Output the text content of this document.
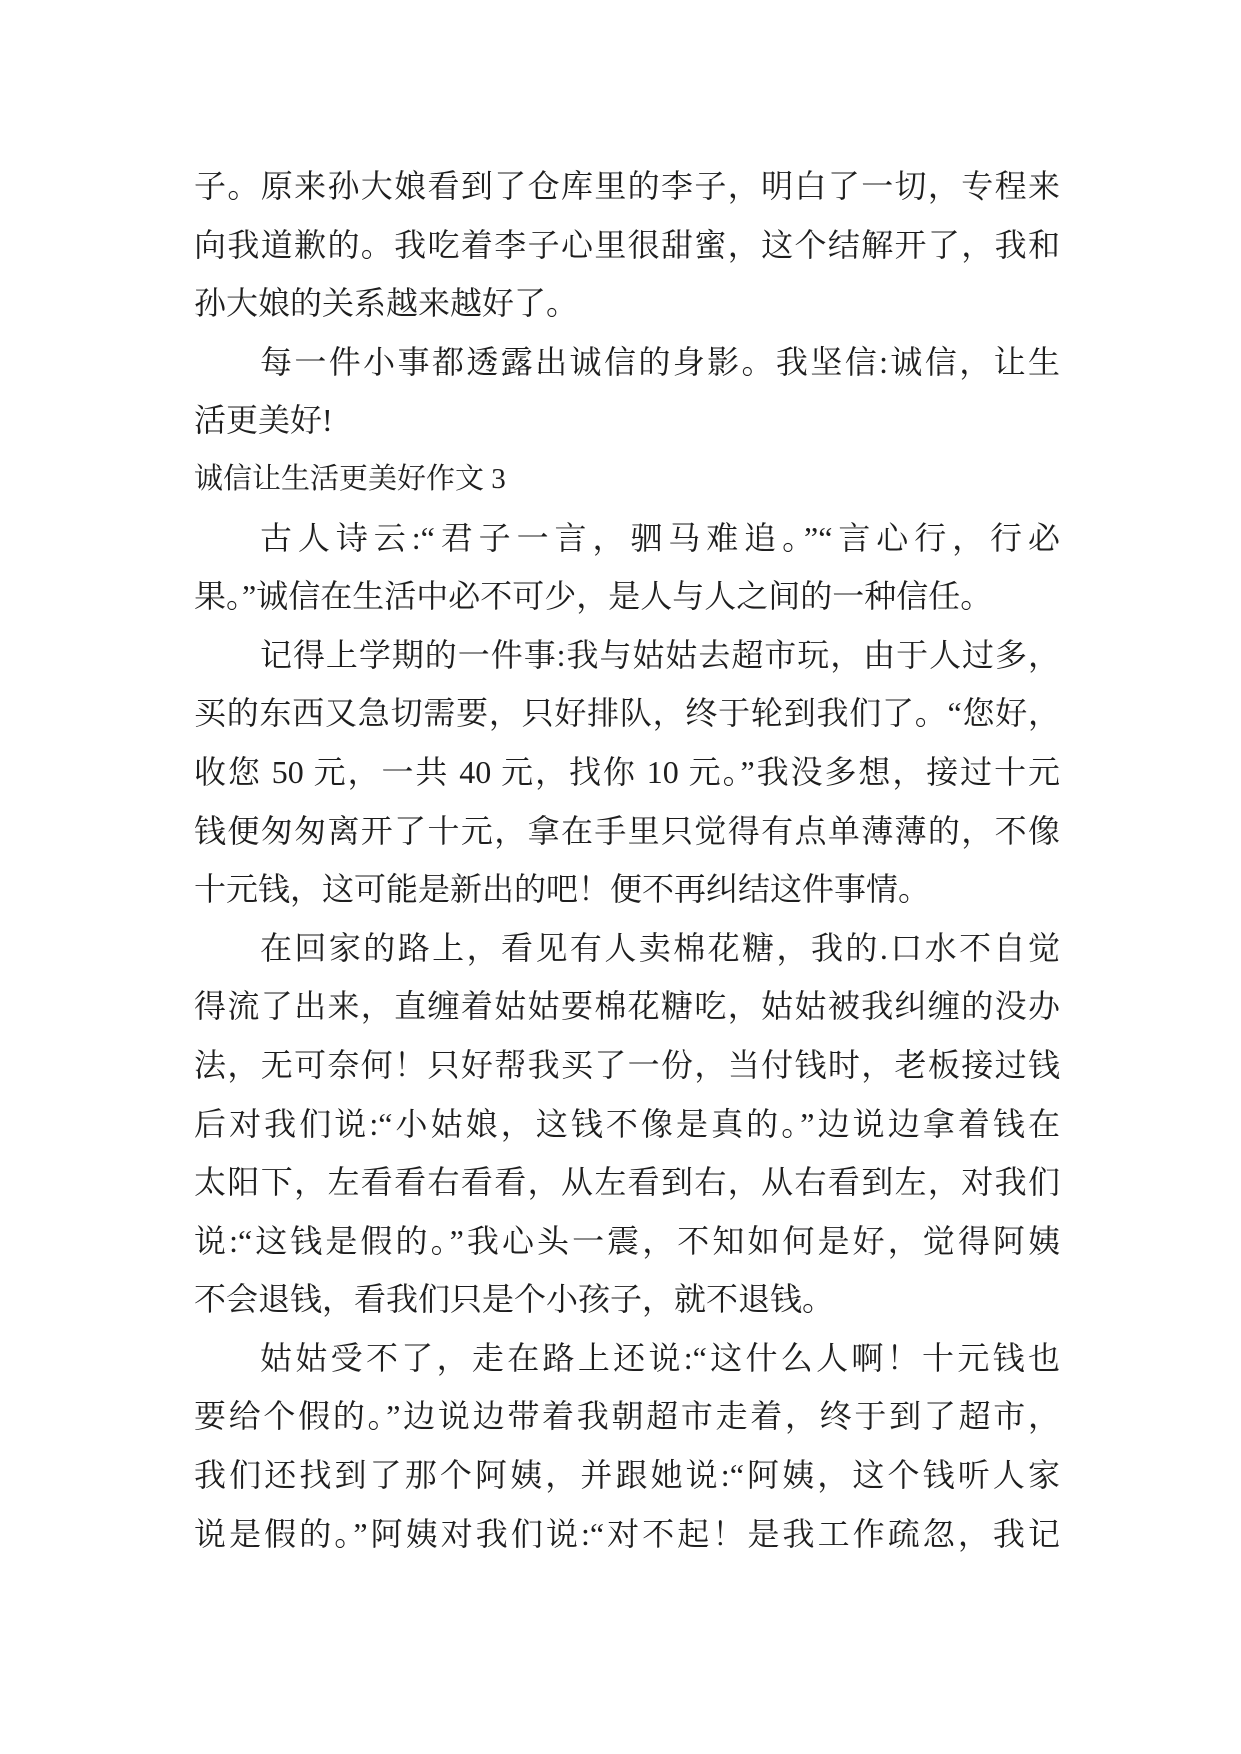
子。原来孙大娘看到了仓库里的李子，明白了一切，专程来
向我道歉的。我吃着李子心里很甜蜜，这个结解开了，我和
孙大娘的关系越来越好了。
每一件小事都透露出诚信的身影。我坚信:诚信，让生
活更美好!
诚信让生活更美好作文 3
古人诗云:“君子一言，驷马难追。”“言心行，行必
果。”诚信在生活中必不可少，是人与人之间的一种信任。
记得上学期的一件事:我与姑姑去超市玩，由于人过多，
买的东西又急切需要，只好排队，终于轮到我们了。“您好，
收您 50 元，一共 40 元，找你 10 元。”我没多想，接过十元
钱便匆匆离开了十元，拿在手里只觉得有点单薄薄的，不像
十元钱，这可能是新出的吧！便不再纠结这件事情。
在回家的路上，看见有人卖棉花糖，我的.口水不自觉
得流了出来，直缠着姑姑要棉花糖吃，姑姑被我纠缠的没办
法，无可奈何！只好帮我买了一份，当付钱时，老板接过钱
后对我们说:“小姑娘，这钱不像是真的。”边说边拿着钱在
太阳下，左看看右看看，从左看到右，从右看到左，对我们
说:“这钱是假的。”我心头一震，不知如何是好，觉得阿姨
不会退钱，看我们只是个小孩子，就不退钱。
姑姑受不了，走在路上还说:“这什么人啊！十元钱也
要给个假的。”边说边带着我朝超市走着，终于到了超市，
我们还找到了那个阿姨，并跟她说:“阿姨，这个钱听人家
说是假的。”阿姨对我们说:“对不起！是我工作疏忽，我记
